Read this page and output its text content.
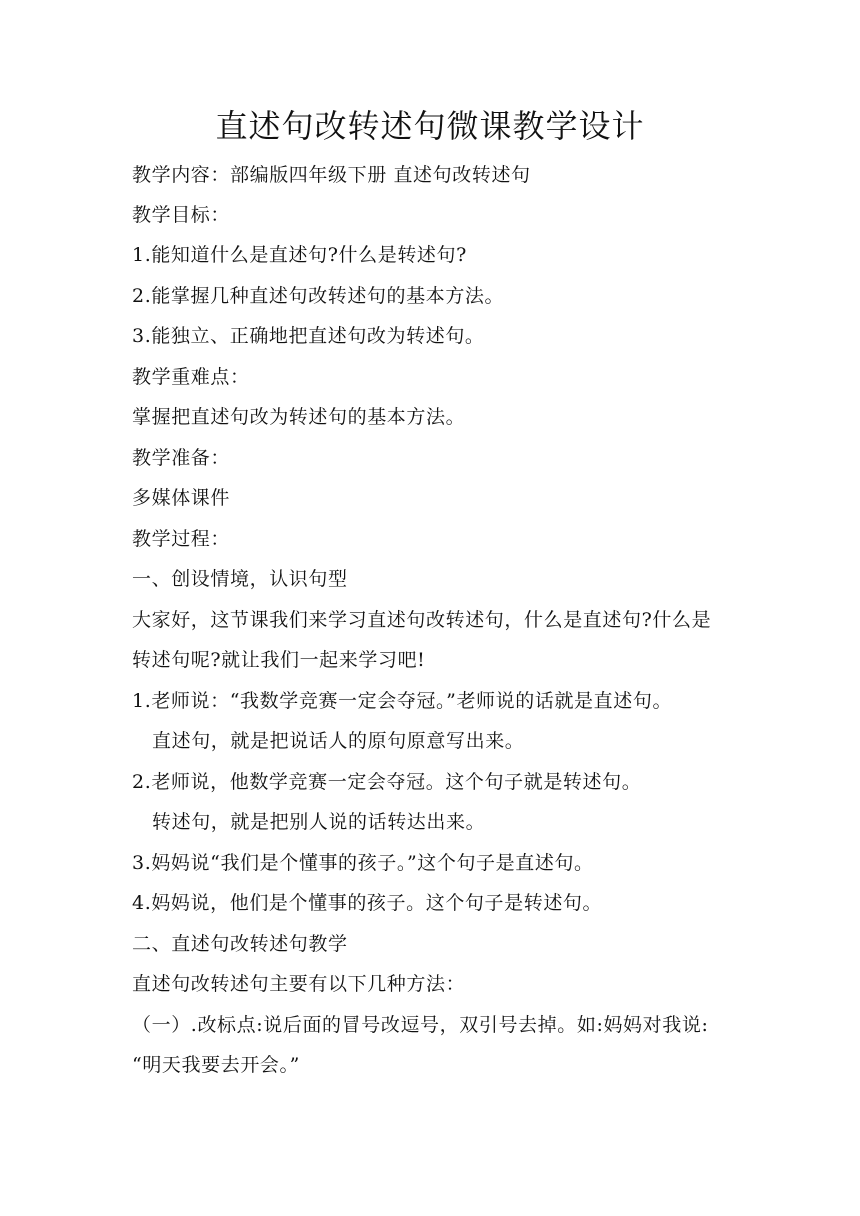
直述句改转述句微课教学设计
教学内容：部编版四年级下册 直述句改转述句
教学目标：
1.能知道什么是直述句?什么是转述句?
2.能掌握几种直述句改转述句的基本方法。
3.能独立、正确地把直述句改为转述句。
教学重难点：
掌握把直述句改为转述句的基本方法。
教学准备：
多媒体课件
教学过程：
一、创设情境，认识句型
大家好，这节课我们来学习直述句改转述句，什么是直述句?什么是
转述句呢?就让我们一起来学习吧!
1.老师说：“我数学竞赛一定会夺冠。”老师说的话就是直述句。
直述句，就是把说话人的原句原意写出来。
2.老师说，他数学竞赛一定会夺冠。这个句子就是转述句。
转述句，就是把别人说的话转达出来。
3.妈妈说“我们是个懂事的孩子。”这个句子是直述句。
4.妈妈说，他们是个懂事的孩子。这个句子是转述句。
二、直述句改转述句教学
直述句改转述句主要有以下几种方法：
（一）.改标点:说后面的冒号改逗号，双引号去掉。如:妈妈对我说:
“明天我要去开会。”
